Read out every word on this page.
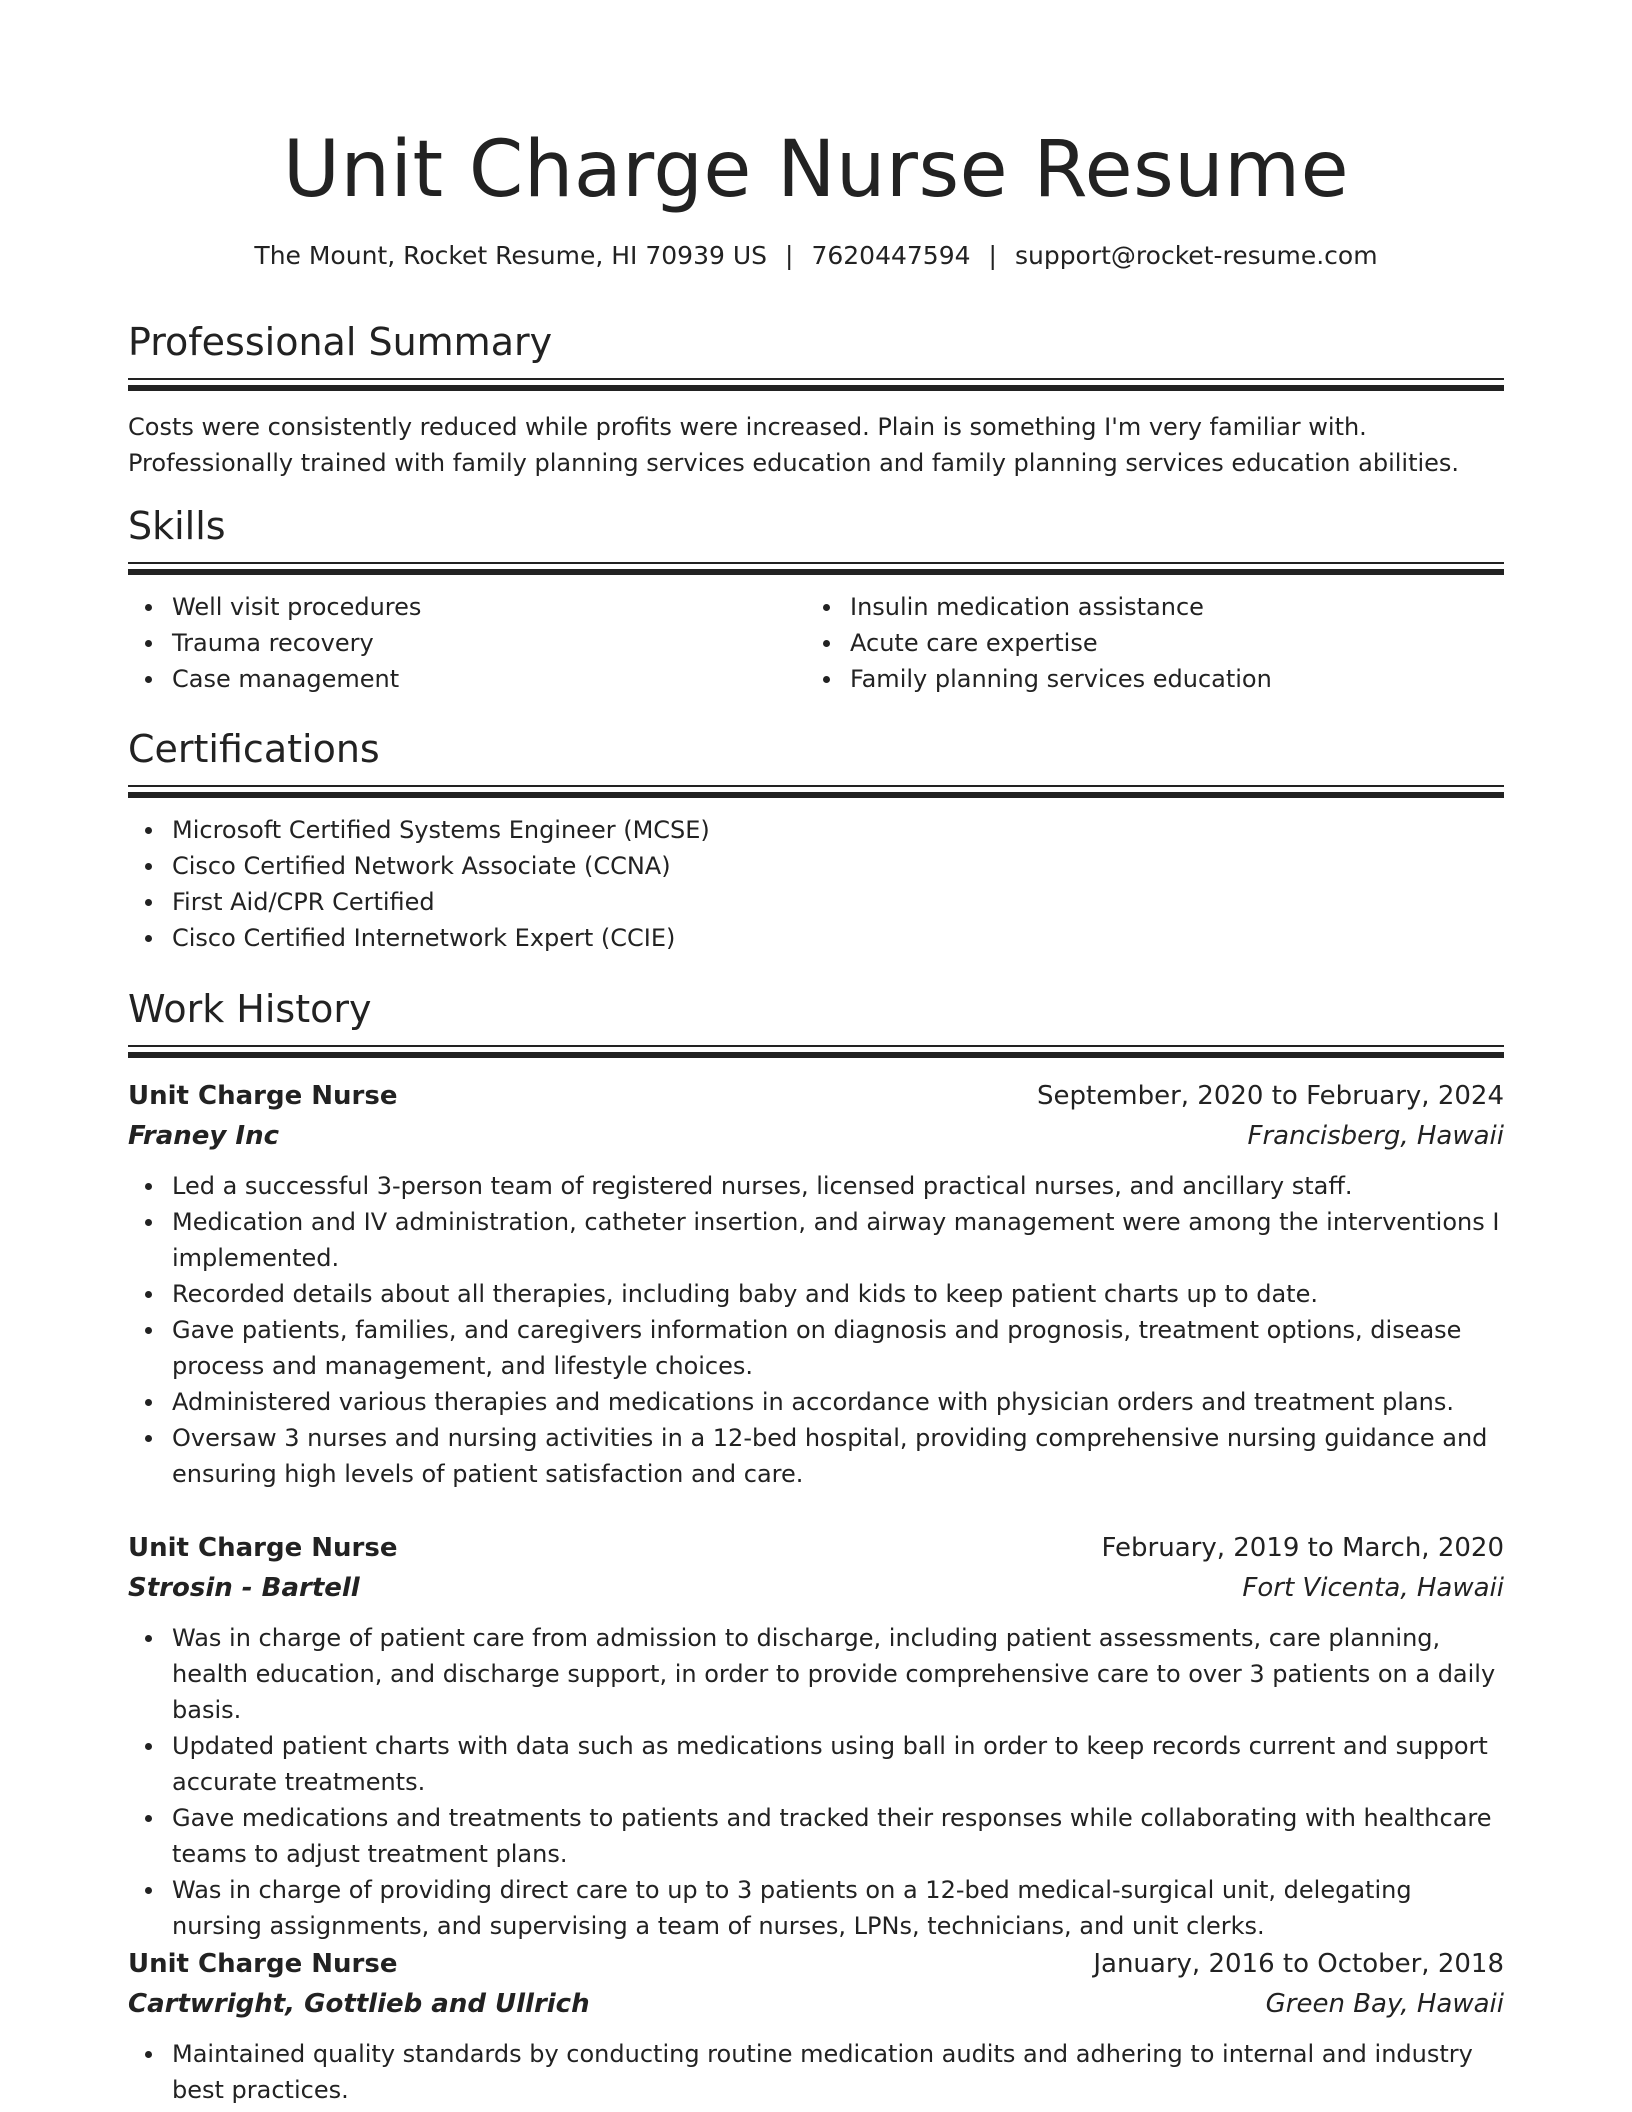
Unit Charge Nurse Resume
The Mount, Rocket Resume, HI 70939 US | 7620447594 | support@rocket-resume.com
Professional Summary

Costs were consistently reduced while profits were increased. Plain is something I'm very familiar with. Professionally trained with family planning services education and family planning services education abilities.

Skills
Well visit procedures
Trauma recovery
Case management
Insulin medication assistance
Acute care expertise
Family planning services education
Certifications
Microsoft Certified Systems Engineer (MCSE)
Cisco Certified Network Associate (CCNA)
First Aid/CPR Certified
Cisco Certified Internetwork Expert (CCIE)
Work History
Unit Charge Nurse	September, 2020 to February, 2024
Franey Inc	Francisberg, Hawaii
Led a successful 3-person team of registered nurses, licensed practical nurses, and ancillary staff.
Medication and IV administration, catheter insertion, and airway management were among the interventions I implemented.
Recorded details about all therapies, including baby and kids to keep patient charts up to date.
Gave patients, families, and caregivers information on diagnosis and prognosis, treatment options, disease process and management, and lifestyle choices.
Administered various therapies and medications in accordance with physician orders and treatment plans.
Oversaw 3 nurses and nursing activities in a 12-bed hospital, providing comprehensive nursing guidance and ensuring high levels of patient satisfaction and care.
Unit Charge Nurse	February, 2019 to March, 2020
Strosin - Bartell	Fort Vicenta, Hawaii
Was in charge of patient care from admission to discharge, including patient assessments, care planning, health education, and discharge support, in order to provide comprehensive care to over 3 patients on a daily basis.
Updated patient charts with data such as medications using ball in order to keep records current and support accurate treatments.
Gave medications and treatments to patients and tracked their responses while collaborating with healthcare teams to adjust treatment plans.
Was in charge of providing direct care to up to 3 patients on a 12-bed medical-surgical unit, delegating nursing assignments, and supervising a team of nurses, LPNs, technicians, and unit clerks.
Unit Charge Nurse	January, 2016 to October, 2018
Cartwright, Gottlieb and Ullrich	Green Bay, Hawaii
Maintained quality standards by conducting routine medication audits and adhering to internal and industry best practices.
